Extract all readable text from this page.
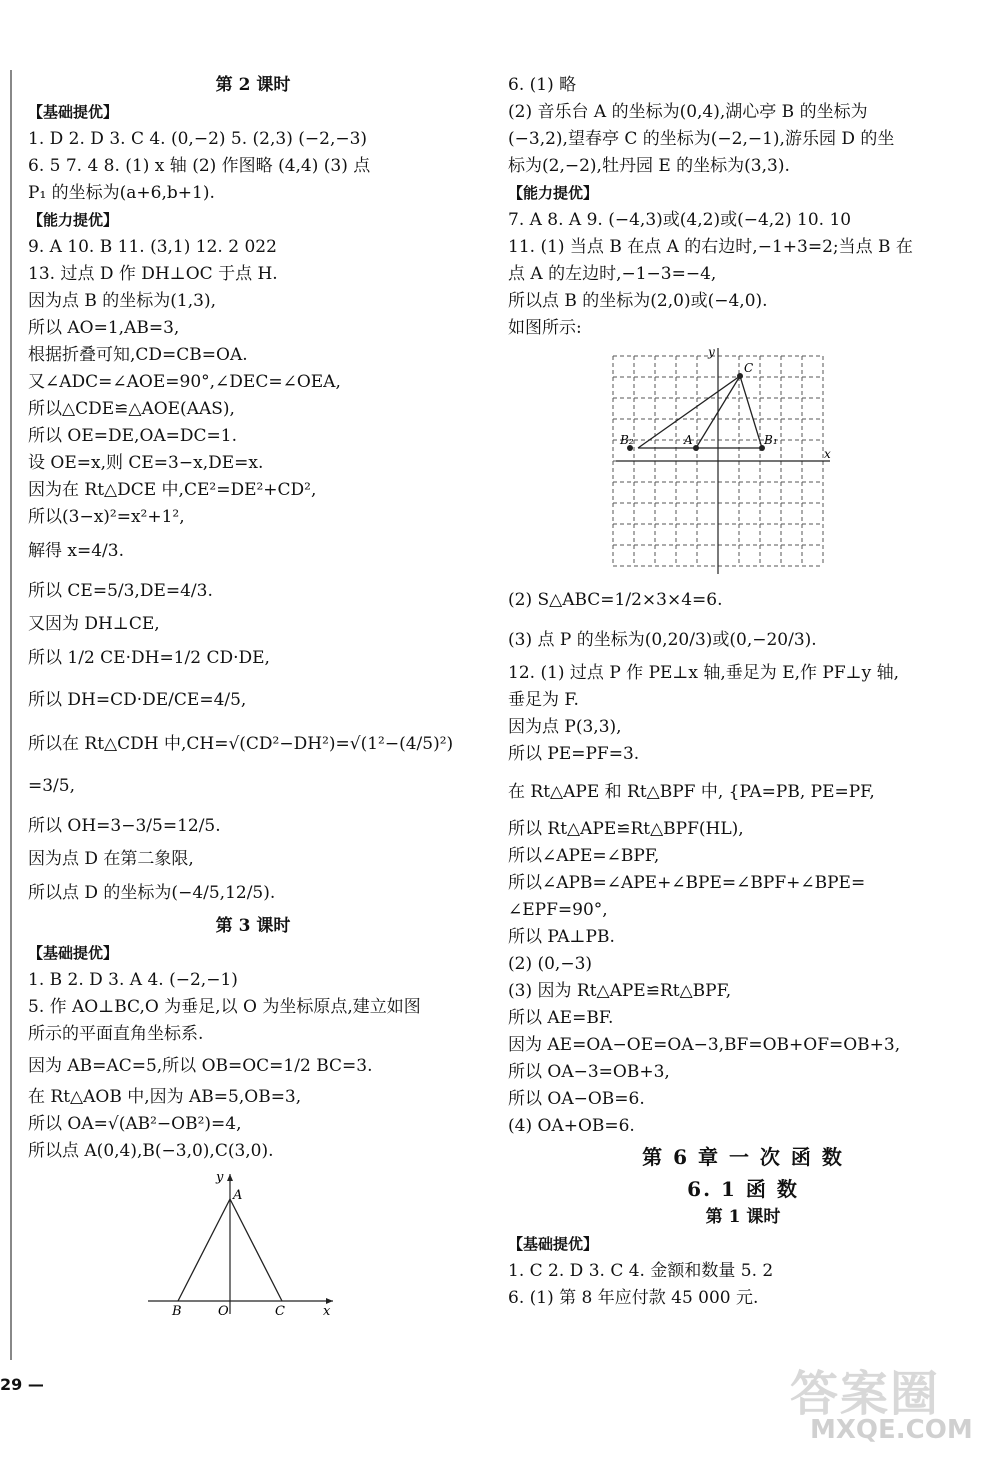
第 2 课时
【基础提优】
1. D 2. D 3. C 4. (0,−2) 5. (2,3) (−2,−3)
6. 5 7. 4 8. (1) x 轴 (2) 作图略 (4,4) (3) 点
P₁ 的坐标为(a+6,b+1).
【能力提优】
9. A 10. B 11. (3,1) 12. 2 022
13. 过点 D 作 DH⊥OC 于点 H.
因为点 B 的坐标为(1,3),
所以 AO=1,AB=3,
根据折叠可知,CD=CB=OA.
又∠ADC=∠AOE=90°,∠DEC=∠OEA,
所以△CDE≌△AOE(AAS),
所以 OE=DE,OA=DC=1.
设 OE=x,则 CE=3−x,DE=x.
因为在 Rt△DCE 中,CE²=DE²+CD²,
所以(3−x)²=x²+1²,
解得 x=4/3.
所以 CE=5/3,DE=4/3.
又因为 DH⊥CE,
所以 1/2 CE·DH=1/2 CD·DE,
所以 DH=CD·DE/CE=4/5,
所以在 Rt△CDH 中,CH=√(CD²−DH²)=√(1²−(4/5)²)
=3/5,
所以 OH=3−3/5=12/5.
因为点 D 在第二象限,
所以点 D 的坐标为(−4/5,12/5).
第 3 课时
【基础提优】
1. B 2. D 3. A 4. (−2,−1)
5. 作 AO⊥BC,O 为垂足,以 O 为坐标原点,建立如图
所示的平面直角坐标系.
因为 AB=AC=5,所以 OB=OC=1/2 BC=3.
在 Rt△AOB 中,因为 AB=5,OB=3,
所以 OA=√(AB²−OB²)=4,
所以点 A(0,4),B(−3,0),C(3,0).
A
B	O	C	x
y
6. (1) 略
(2) 音乐台 A 的坐标为(0,4),湖心亭 B 的坐标为
(−3,2),望春亭 C 的坐标为(−2,−1),游乐园 D 的坐
标为(2,−2),牡丹园 E 的坐标为(3,3).
【能力提优】
7. A 8. A 9. (−4,3)或(4,2)或(−4,2) 10. 10
11. (1) 当点 B 在点 A 的右边时,−1+3=2;当点 B 在
点 A 的左边时,−1−3=−4,
所以点 B 的坐标为(2,0)或(−4,0).
如图所示:
C
A	B₁
B₂
x
y
(2) S△ABC=1/2×3×4=6.
(3) 点 P 的坐标为(0,20/3)或(0,−20/3).
12. (1) 过点 P 作 PE⊥x 轴,垂足为 E,作 PF⊥y 轴,
垂足为 F.
因为点 P(3,3),
所以 PE=PF=3.
在 Rt△APE 和 Rt△BPF 中, {PA=PB, PE=PF,
所以 Rt△APE≌Rt△BPF(HL),
所以∠APE=∠BPF,
所以∠APB=∠APE+∠BPE=∠BPF+∠BPE=
∠EPF=90°,
所以 PA⊥PB.
(2) (0,−3)
(3) 因为 Rt△APE≌Rt△BPF,
所以 AE=BF.
因为 AE=OA−OE=OA−3,BF=OB+OF=OB+3,
所以 OA−3=OB+3,
所以 OA−OB=6.
(4) OA+OB=6.
第 6 章 一 次 函 数
6. 1 函 数
第 1 课时
【基础提优】
1. C 2. D 3. C 4. 金额和数量 5. 2
6. (1) 第 8 年应付款 45 000 元.
29 —	答案圈
MXQE.COM
